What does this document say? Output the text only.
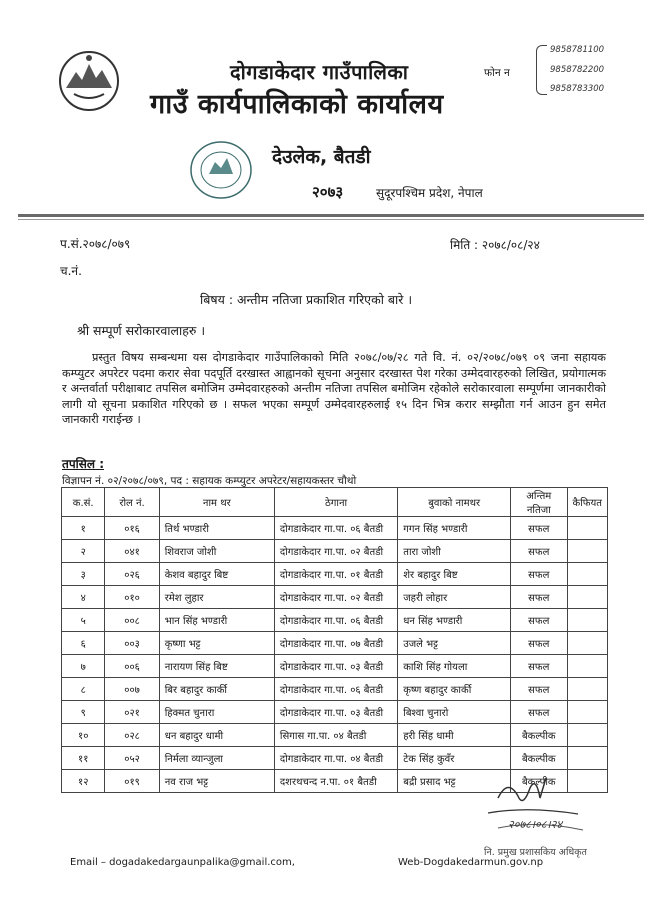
दोगडाकेदार गाउँपालिका
गाउँ कार्यपालिकाको कार्यालय
फोन न
9858781100
9858782200
9858783300
देउलेक, बैतडी
२०७३	सुदूरपश्चिम प्रदेश, नेपाल
प.सं.२०७८/०७९	मिति : २०७८/०८/२४
च.नं.
बिषय : अन्तीम नतिजा प्रकाशित गरिएको बारे ।
श्री सम्पूर्ण सरोकारवालाहरु ।
प्रस्तुत विषय सम्बन्धमा यस दोगडाकेदार गाउँपालिकाको मिति २०७८/०७/२८ गते वि. नं. ०२/२०७८/०७९ ०९ जना सहायक कम्प्युटर अपरेटर पदमा करार सेवा पदपूर्ति दरखास्त आह्वानको सूचना अनुसार दरखास्त पेश गरेका उम्मेदवारहरुको लिखित, प्रयोगात्मक र अन्तर्वार्ता परीक्षाबाट तपसिल बमोजिम उम्मेदवारहरुको अन्तीम नतिजा तपसिल बमोजिम रहेकोले सरोकारवाला सम्पूर्णमा जानकारीको लागी यो सूचना प्रकाशित गरिएको छ । सफल भएका सम्पूर्ण उम्मेदवारहरुलाई १५ दिन भित्र करार सम्झौता गर्न आउन हुन समेत जानकारी गराईन्छ ।
तपसिल :
विज्ञापन नं. ०२/२०७८/०७९, पद : सहायक कम्प्युटर अपरेटर/सहायकस्तर चौथो
क.सं.	रोल नं.	नाम थर	ठेगाना	बुवाको नामथर	अन्तिम नतिजा	कैफियत
१	०१६	तिर्थ भण्डारी	दोगडाकेदार गा.पा. ०६ बैतडी	गगन सिंह भण्डारी	सफल	
२	०४१	शिवराज जोशी	दोगडाकेदार गा.पा. ०२ बैतडी	तारा जोशी	सफल	
३	०२६	केशव बहादुर बिष्ट	दोगडाकेदार गा.पा. ०१ बैतडी	शेर बहादुर बिष्ट	सफल	
४	०१०	रमेश लुहार	दोगडाकेदार गा.पा. ०२ बैतडी	जहरी लोहार	सफल	
५	००८	भान सिंह भण्डारी	दोगडाकेदार गा.पा. ०६ बैतडी	धन सिंह भण्डारी	सफल	
६	००३	कृष्णा भट्ट	दोगडाकेदार गा.पा. ०७ बैतडी	उजले भट्ट	सफल	
७	००६	नारायण सिंह बिष्ट	दोगडाकेदार गा.पा. ०३ बैतडी	काशि सिंह गोयला	सफल	
८	००७	बिर बहादुर कार्की	दोगडाकेदार गा.पा. ०६ बैतडी	कृष्ण बहादुर कार्की	सफल	
९	०२१	हिक्मत चुनारा	दोगडाकेदार गा.पा. ०३ बैतडी	बिश्वा चुनारो	सफल	
१०	०२८	धन बहादुर धामी	सिगास गा.पा. ०४ बैतडी	हरी सिंह धामी	बैकल्पीक	
११	०५२	निर्मला व्यान्जुला	दोगडाकेदार गा.पा. ०४ बैतडी	टेक सिंह कुवँर	बैकल्पीक	
१२	०१९	नव राज भट्ट	दशरथचन्द न.पा. ०१ बैतडी	बद्री प्रसाद भट्ट	बैकल्पीक	
२०७८।०८।२४
नि. प्रमुख प्रशासकिय अधिकृत
Email – dogadakedargaunpalika@gmail.com,	Web-Dogdakedarmun.gov.np
